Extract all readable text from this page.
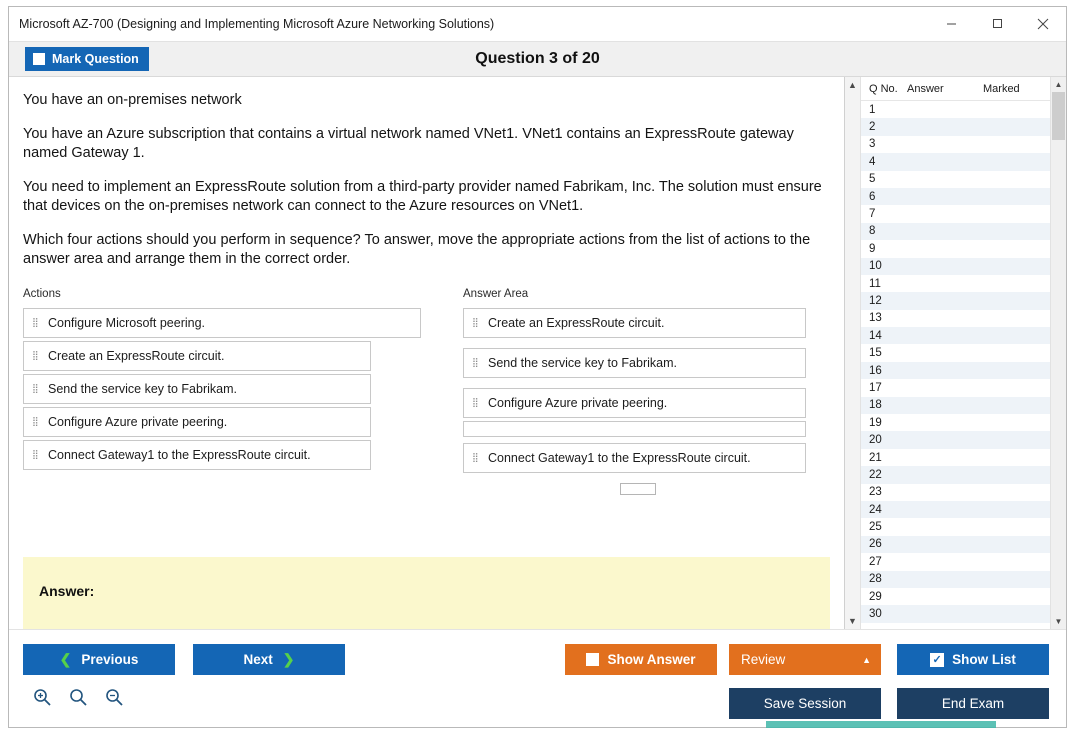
Microsoft AZ-700 (Designing and Implementing Microsoft Azure Networking Solutions)
Mark Question	Question 3 of 20

You have an on-premises network

You have an Azure subscription that contains a virtual network named VNet1. VNet1 contains an ExpressRoute gateway named Gateway 1.

You need to implement an ExpressRoute solution from a third-party provider named Fabrikam, Inc. The solution must ensure that devices on the on-premises network can connect to the Azure resources on VNet1.

Which four actions should you perform in sequence? To answer, move the appropriate actions from the list of actions to the answer area and arrange them in the correct order.

Actions
⣿ Configure Microsoft peering.
⣿ Create an ExpressRoute circuit.
⣿ Send the service key to Fabrikam.
⣿ Configure Azure private peering.
⣿ Connect Gateway1 to the ExpressRoute circuit.
Answer Area
⣿ Create an ExpressRoute circuit.
⣿ Send the service key to Fabrikam.
⣿ Configure Azure private peering.
⣿ Connect Gateway1 to the ExpressRoute circuit.
Answer:
▲
▼
Q No. Answer	Marked
1
2
3
4
5
6
7
8
9
10
11
12
13
14
15
16
17
18
19
20
21
22
23
24
25
26
27
28
29
30
▲
▼
❮ Previous	Next ❯	Show Answer	Review	▲	✓ Show List
Save Session	End Exam
